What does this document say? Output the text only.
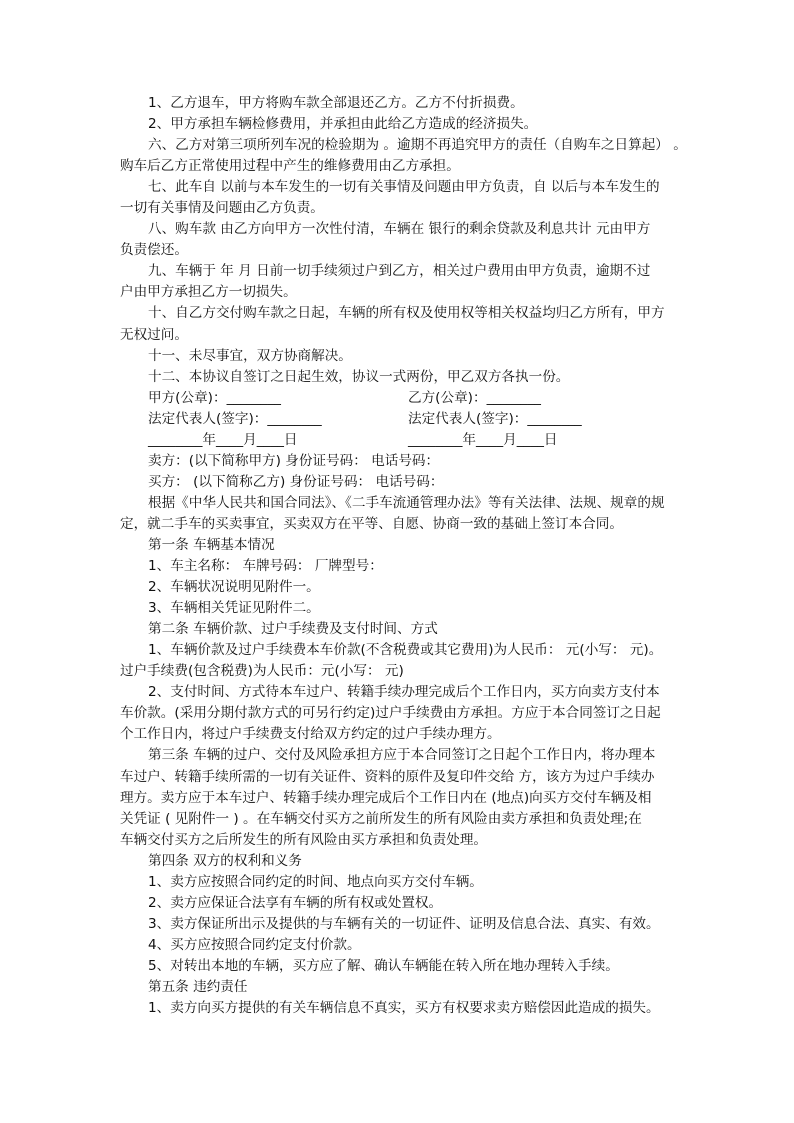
1、乙方退车，甲方将购车款全部退还乙方。乙方不付折损费。
2、甲方承担车辆检修费用，并承担由此给乙方造成的经济损失。
六、乙方对第三项所列车况的检验期为 。逾期不再追究甲方的责任（自购车之日算起） 。
购车后乙方正常使用过程中产生的维修费用由乙方承担。
七、此车自 以前与本车发生的一切有关事情及问题由甲方负责，自 以后与本车发生的
一切有关事情及问题由乙方负责。
八、购车款 由乙方向甲方一次性付清，车辆在 银行的剩余贷款及利息共计 元由甲方
负责偿还。
九、车辆于 年 月 日前一切手续须过户到乙方，相关过户费用由甲方负责，逾期不过
户由甲方承担乙方一切损失。
十、自乙方交付购车款之日起，车辆的所有权及使用权等相关权益均归乙方所有，甲方
无权过问。
十一、未尽事宜，双方协商解决。
十二、本协议自签订之日起生效，协议一式两份，甲乙双方各执一份。
甲方(公章)：________	乙方(公章)：________
法定代表人(签字)：________	法定代表人(签字)：________
________年____月____日	________年____月____日
卖方：(以下简称甲方) 身份证号码： 电话号码：
买方： (以下简称乙方) 身份证号码： 电话号码：
根据《中华人民共和国合同法》、《二手车流通管理办法》等有关法律、法规、规章的规
定，就二手车的买卖事宜，买卖双方在平等、自愿、协商一致的基础上签订本合同。
第一条 车辆基本情况
1、车主名称： 车牌号码： 厂牌型号：
2、车辆状况说明见附件一。
3、车辆相关凭证见附件二。
第二条 车辆价款、过户手续费及支付时间、方式
1、车辆价款及过户手续费本车价款(不含税费或其它费用)为人民币： 元(小写： 元)。
过户手续费(包含税费)为人民币：元(小写： 元)
2、支付时间、方式待本车过户、转籍手续办理完成后个工作日内，买方向卖方支付本
车价款。(采用分期付款方式的可另行约定)过户手续费由方承担。方应于本合同签订之日起
个工作日内，将过户手续费支付给双方约定的过户手续办理方。
第三条 车辆的过户、交付及风险承担方应于本合同签订之日起个工作日内，将办理本
车过户、转籍手续所需的一切有关证件、资料的原件及复印件交给 方，该方为过户手续办
理方。卖方应于本车过户、转籍手续办理完成后个工作日内在 (地点)向买方交付车辆及相
关凭证 ( 见附件一 ) 。在车辆交付买方之前所发生的所有风险由卖方承担和负责处理;在
车辆交付买方之后所发生的所有风险由买方承担和负责处理。
第四条 双方的权利和义务
1、卖方应按照合同约定的时间、地点向买方交付车辆。
2、卖方应保证合法享有车辆的所有权或处置权。
3、卖方保证所出示及提供的与车辆有关的一切证件、证明及信息合法、真实、有效。
4、买方应按照合同约定支付价款。
5、对转出本地的车辆，买方应了解、确认车辆能在转入所在地办理转入手续。
第五条 违约责任
1、卖方向买方提供的有关车辆信息不真实，买方有权要求卖方赔偿因此造成的损失。
